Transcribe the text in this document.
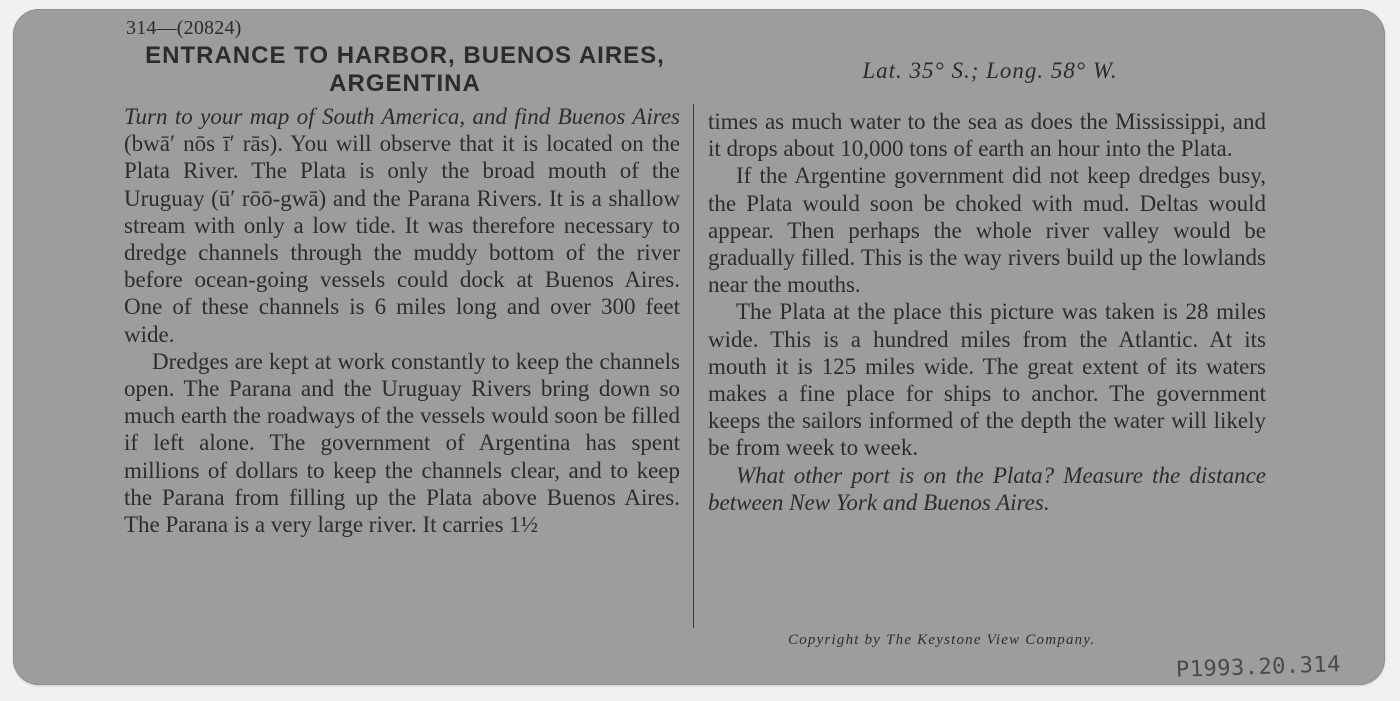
314—(20824)
ENTRANCE TO HARBOR, BUENOS AIRES, ARGENTINA	Lat. 35° S.; Long. 58° W.

Turn to your map of South America, and find Buenos Aires (bwā′ nōs ī′ rās). You will observe that it is located on the Plata River. The Plata is only the broad mouth of the Uruguay (ū′ rōō-gwā) and the Parana Rivers. It is a shallow stream with only a low tide. It was therefore necessary to dredge channels through the muddy bottom of the river before ocean-going vessels could dock at Buenos Aires. One of these channels is 6 miles long and over 300 feet wide.

Dredges are kept at work constantly to keep the channels open. The Parana and the Uruguay Rivers bring down so much earth the roadways of the vessels would soon be filled if left alone. The government of Argentina has spent millions of dollars to keep the channels clear, and to keep the Parana from filling up the Plata above Buenos Aires. The Parana is a very large river. It carries 1½

times as much water to the sea as does the Mississippi, and it drops about 10,000 tons of earth an hour into the Plata.

If the Argentine government did not keep dredges busy, the Plata would soon be choked with mud. Deltas would appear. Then perhaps the whole river valley would be gradually filled. This is the way rivers build up the lowlands near the mouths.

The Plata at the place this picture was taken is 28 miles wide. This is a hundred miles from the Atlantic. At its mouth it is 125 miles wide. The great extent of its waters makes a fine place for ships to anchor. The government keeps the sailors informed of the depth the water will likely be from week to week.

What other port is on the Plata? Measure the distance between New York and Buenos Aires.

Copyright by The Keystone View Company.
P1993.20.314
